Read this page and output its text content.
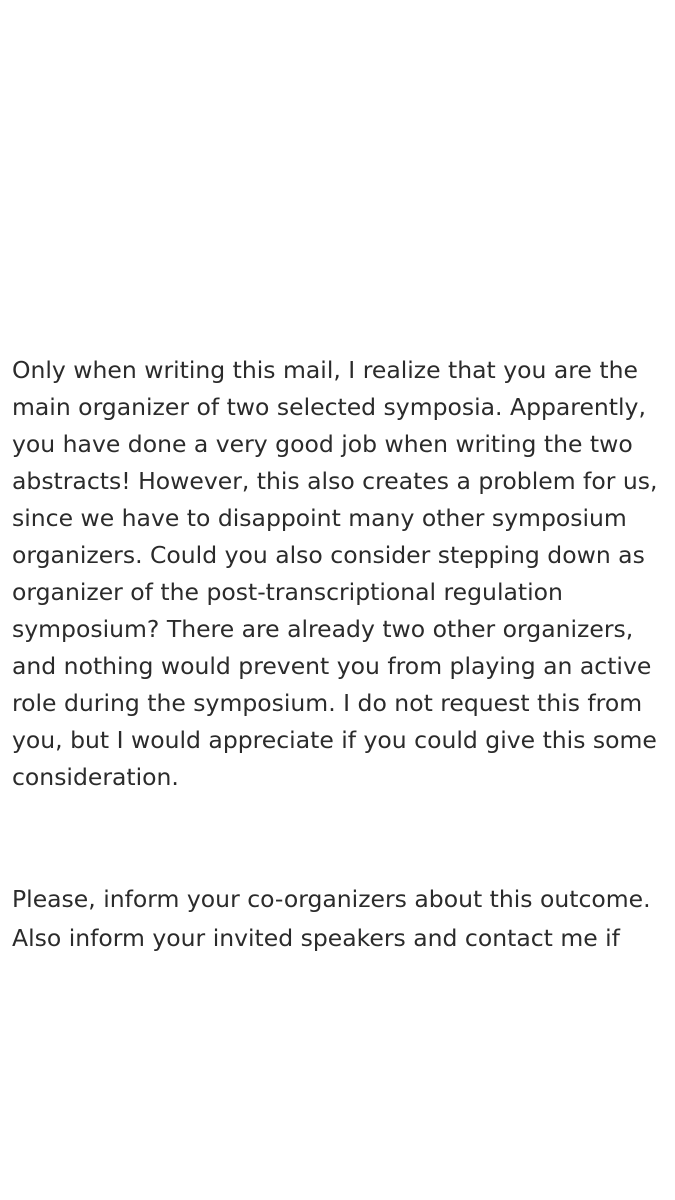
Only when writing this mail, I realize that you are the
main organizer of two selected symposia. Apparently,
you have done a very good job when writing the two
abstracts! However, this also creates a problem for us,
since we have to disappoint many other symposium
organizers. Could you also consider stepping down as
organizer of the post-transcriptional regulation
symposium? There are already two other organizers,
and nothing would prevent you from playing an active
role during the symposium. I do not request this from
you, but I would appreciate if you could give this some
consideration.

Please, inform your co-organizers about this outcome.

Also inform your invited speakers and contact me if
